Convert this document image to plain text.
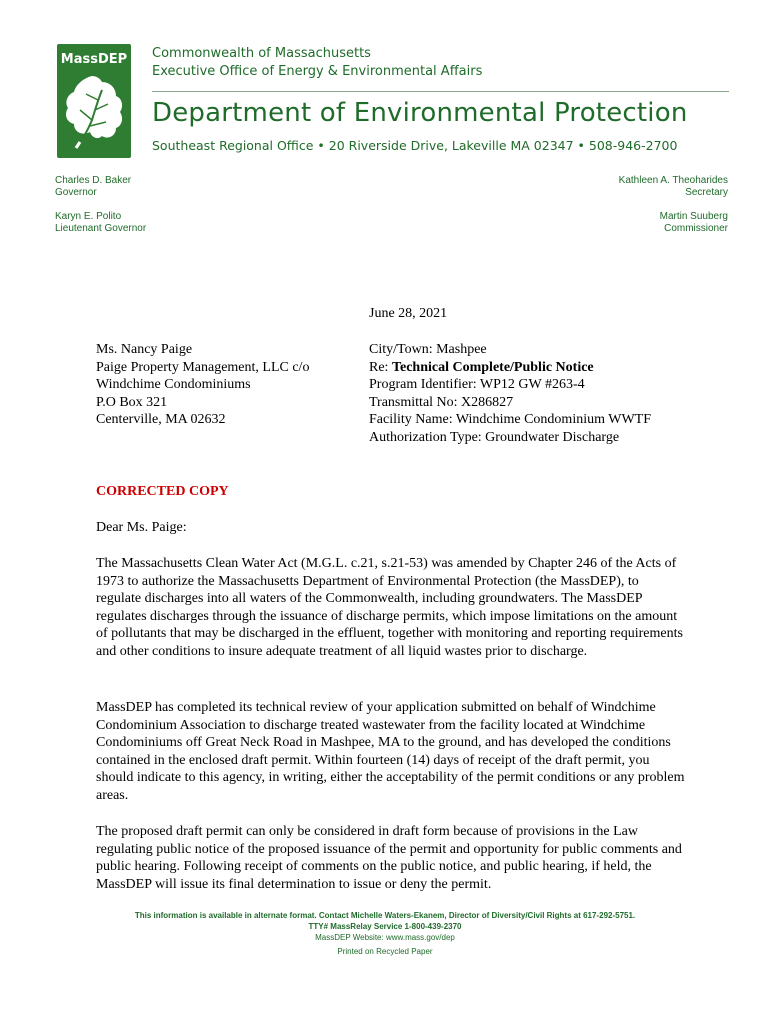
MassDEP Commonwealth of Massachusetts
Executive Office of Energy & Environmental Affairs
Department of Environmental Protection
Southeast Regional Office • 20 Riverside Drive, Lakeville MA 02347 • 508-946-2700
Charles D. Baker
Governor
Karyn E. Polito
Lieutenant Governor
Kathleen A. Theoharides
Secretary
Martin Suuberg
Commissioner
June 28, 2021
Ms. Nancy Paige
Paige Property Management, LLC c/o
Windchime Condominiums
P.O Box 321
Centerville, MA 02632
City/Town: Mashpee
Re: Technical Complete/Public Notice
Program Identifier: WP12 GW #263-4
Transmittal No: X286827
Facility Name: Windchime Condominium WWTF
Authorization Type: Groundwater Discharge
CORRECTED COPY
Dear Ms. Paige:
The Massachusetts Clean Water Act (M.G.L. c.21, s.21-53) was amended by Chapter 246 of the Acts of 1973 to authorize the Massachusetts Department of Environmental Protection (the MassDEP), to regulate discharges into all waters of the Commonwealth, including groundwaters. The MassDEP regulates discharges through the issuance of discharge permits, which impose limitations on the amount of pollutants that may be discharged in the effluent, together with monitoring and reporting requirements and other conditions to insure adequate treatment of all liquid wastes prior to discharge.
MassDEP has completed its technical review of your application submitted on behalf of Windchime Condominium Association to discharge treated wastewater from the facility located at Windchime Condominiums off Great Neck Road in Mashpee, MA to the ground, and has developed the conditions contained in the enclosed draft permit. Within fourteen (14) days of receipt of the draft permit, you should indicate to this agency, in writing, either the acceptability of the permit conditions or any problem areas.
The proposed draft permit can only be considered in draft form because of provisions in the Law regulating public notice of the proposed issuance of the permit and opportunity for public comments and public hearing. Following receipt of comments on the public notice, and public hearing, if held, the MassDEP will issue its final determination to issue or deny the permit.
This information is available in alternate format. Contact Michelle Waters-Ekanem, Director of Diversity/Civil Rights at 617-292-5751.
TTY# MassRelay Service 1-800-439-2370
MassDEP Website: www.mass.gov/dep
Printed on Recycled Paper
